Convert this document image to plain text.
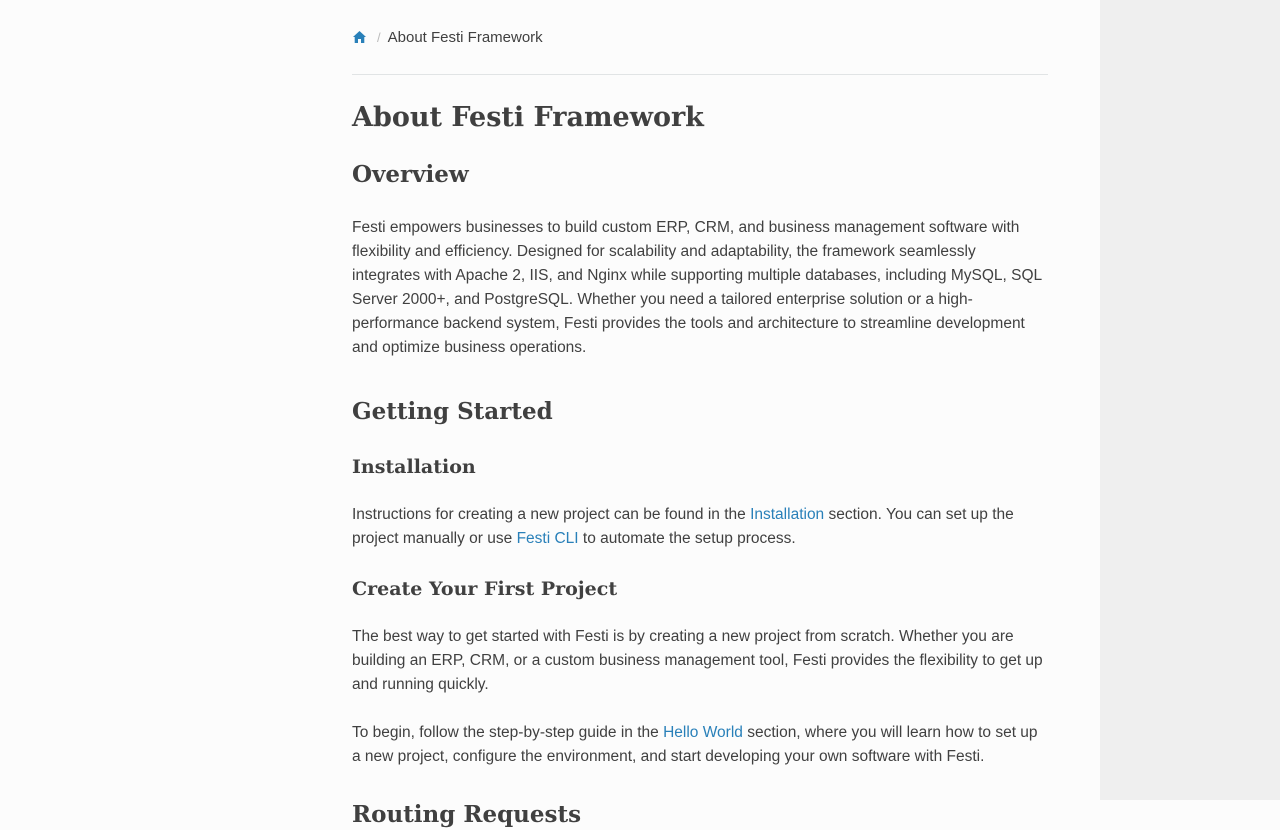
/ About Festi Framework
About Festi Framework
Overview

Festi empowers businesses to build custom ERP, CRM, and business management software with flexibility and efficiency. Designed for scalability and adaptability, the framework seamlessly integrates with Apache 2, IIS, and Nginx while supporting multiple databases, including MySQL, SQL Server 2000+, and PostgreSQL. Whether you need a tailored enterprise solution or a high-performance backend system, Festi provides the tools and architecture to streamline development and optimize business operations.

Getting Started
Installation

Instructions for creating a new project can be found in the Installation section. You can set up the project manually or use Festi CLI to automate the setup process.

Create Your First Project

The best way to get started with Festi is by creating a new project from scratch. Whether you are building an ERP, CRM, or a custom business management tool, Festi provides the flexibility to get up and running quickly.

To begin, follow the step-by-step guide in the Hello World section, where you will learn how to set up a new project, configure the environment, and start developing your own software with Festi.

Routing Requests
